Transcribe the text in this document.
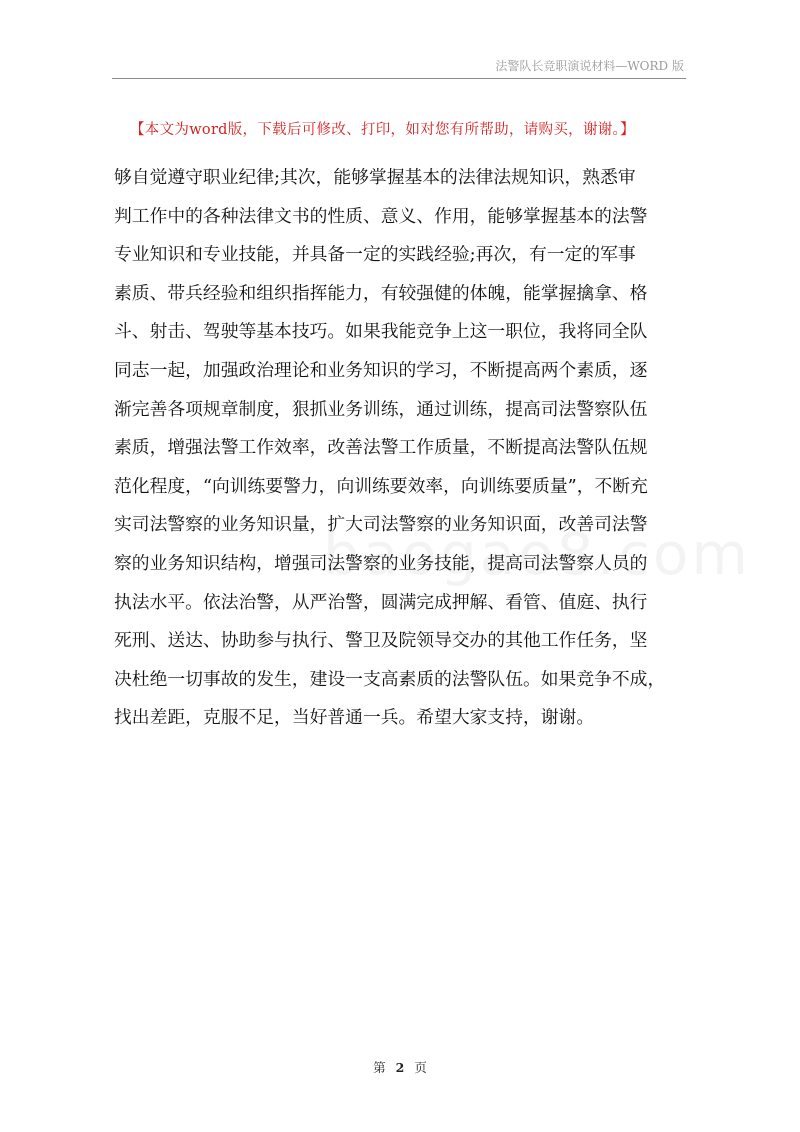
法警队长竞职演说材料—WORD 版
【本文为word版，下载后可修改、打印，如对您有所帮助，请购买，谢谢。】
够自觉遵守职业纪律;其次，能够掌握基本的法律法规知识，熟悉审
判工作中的各种法律文书的性质、意义、作用，能够掌握基本的法警
专业知识和专业技能，并具备一定的实践经验;再次，有一定的军事
素质、带兵经验和组织指挥能力，有较强健的体魄，能掌握擒拿、格
斗、射击、驾驶等基本技巧。如果我能竞争上这一职位，我将同全队
同志一起，加强政治理论和业务知识的学习，不断提高两个素质，逐
渐完善各项规章制度，狠抓业务训练，通过训练，提高司法警察队伍
素质，增强法警工作效率，改善法警工作质量，不断提高法警队伍规
范化程度，“向训练要警力，向训练要效率，向训练要质量”，不断充
实司法警察的业务知识量，扩大司法警察的业务知识面，改善司法警
察的业务知识结构，增强司法警察的业务技能，提高司法警察人员的
执法水平。依法治警，从严治警，圆满完成押解、看管、值庭、执行
死刑、送达、协助参与执行、警卫及院领导交办的其他工作任务，坚
决杜绝一切事故的发生，建设一支高素质的法警队伍。如果竞争不成，
找出差距，克服不足，当好普通一兵。希望大家支持，谢谢。
第 2 页
